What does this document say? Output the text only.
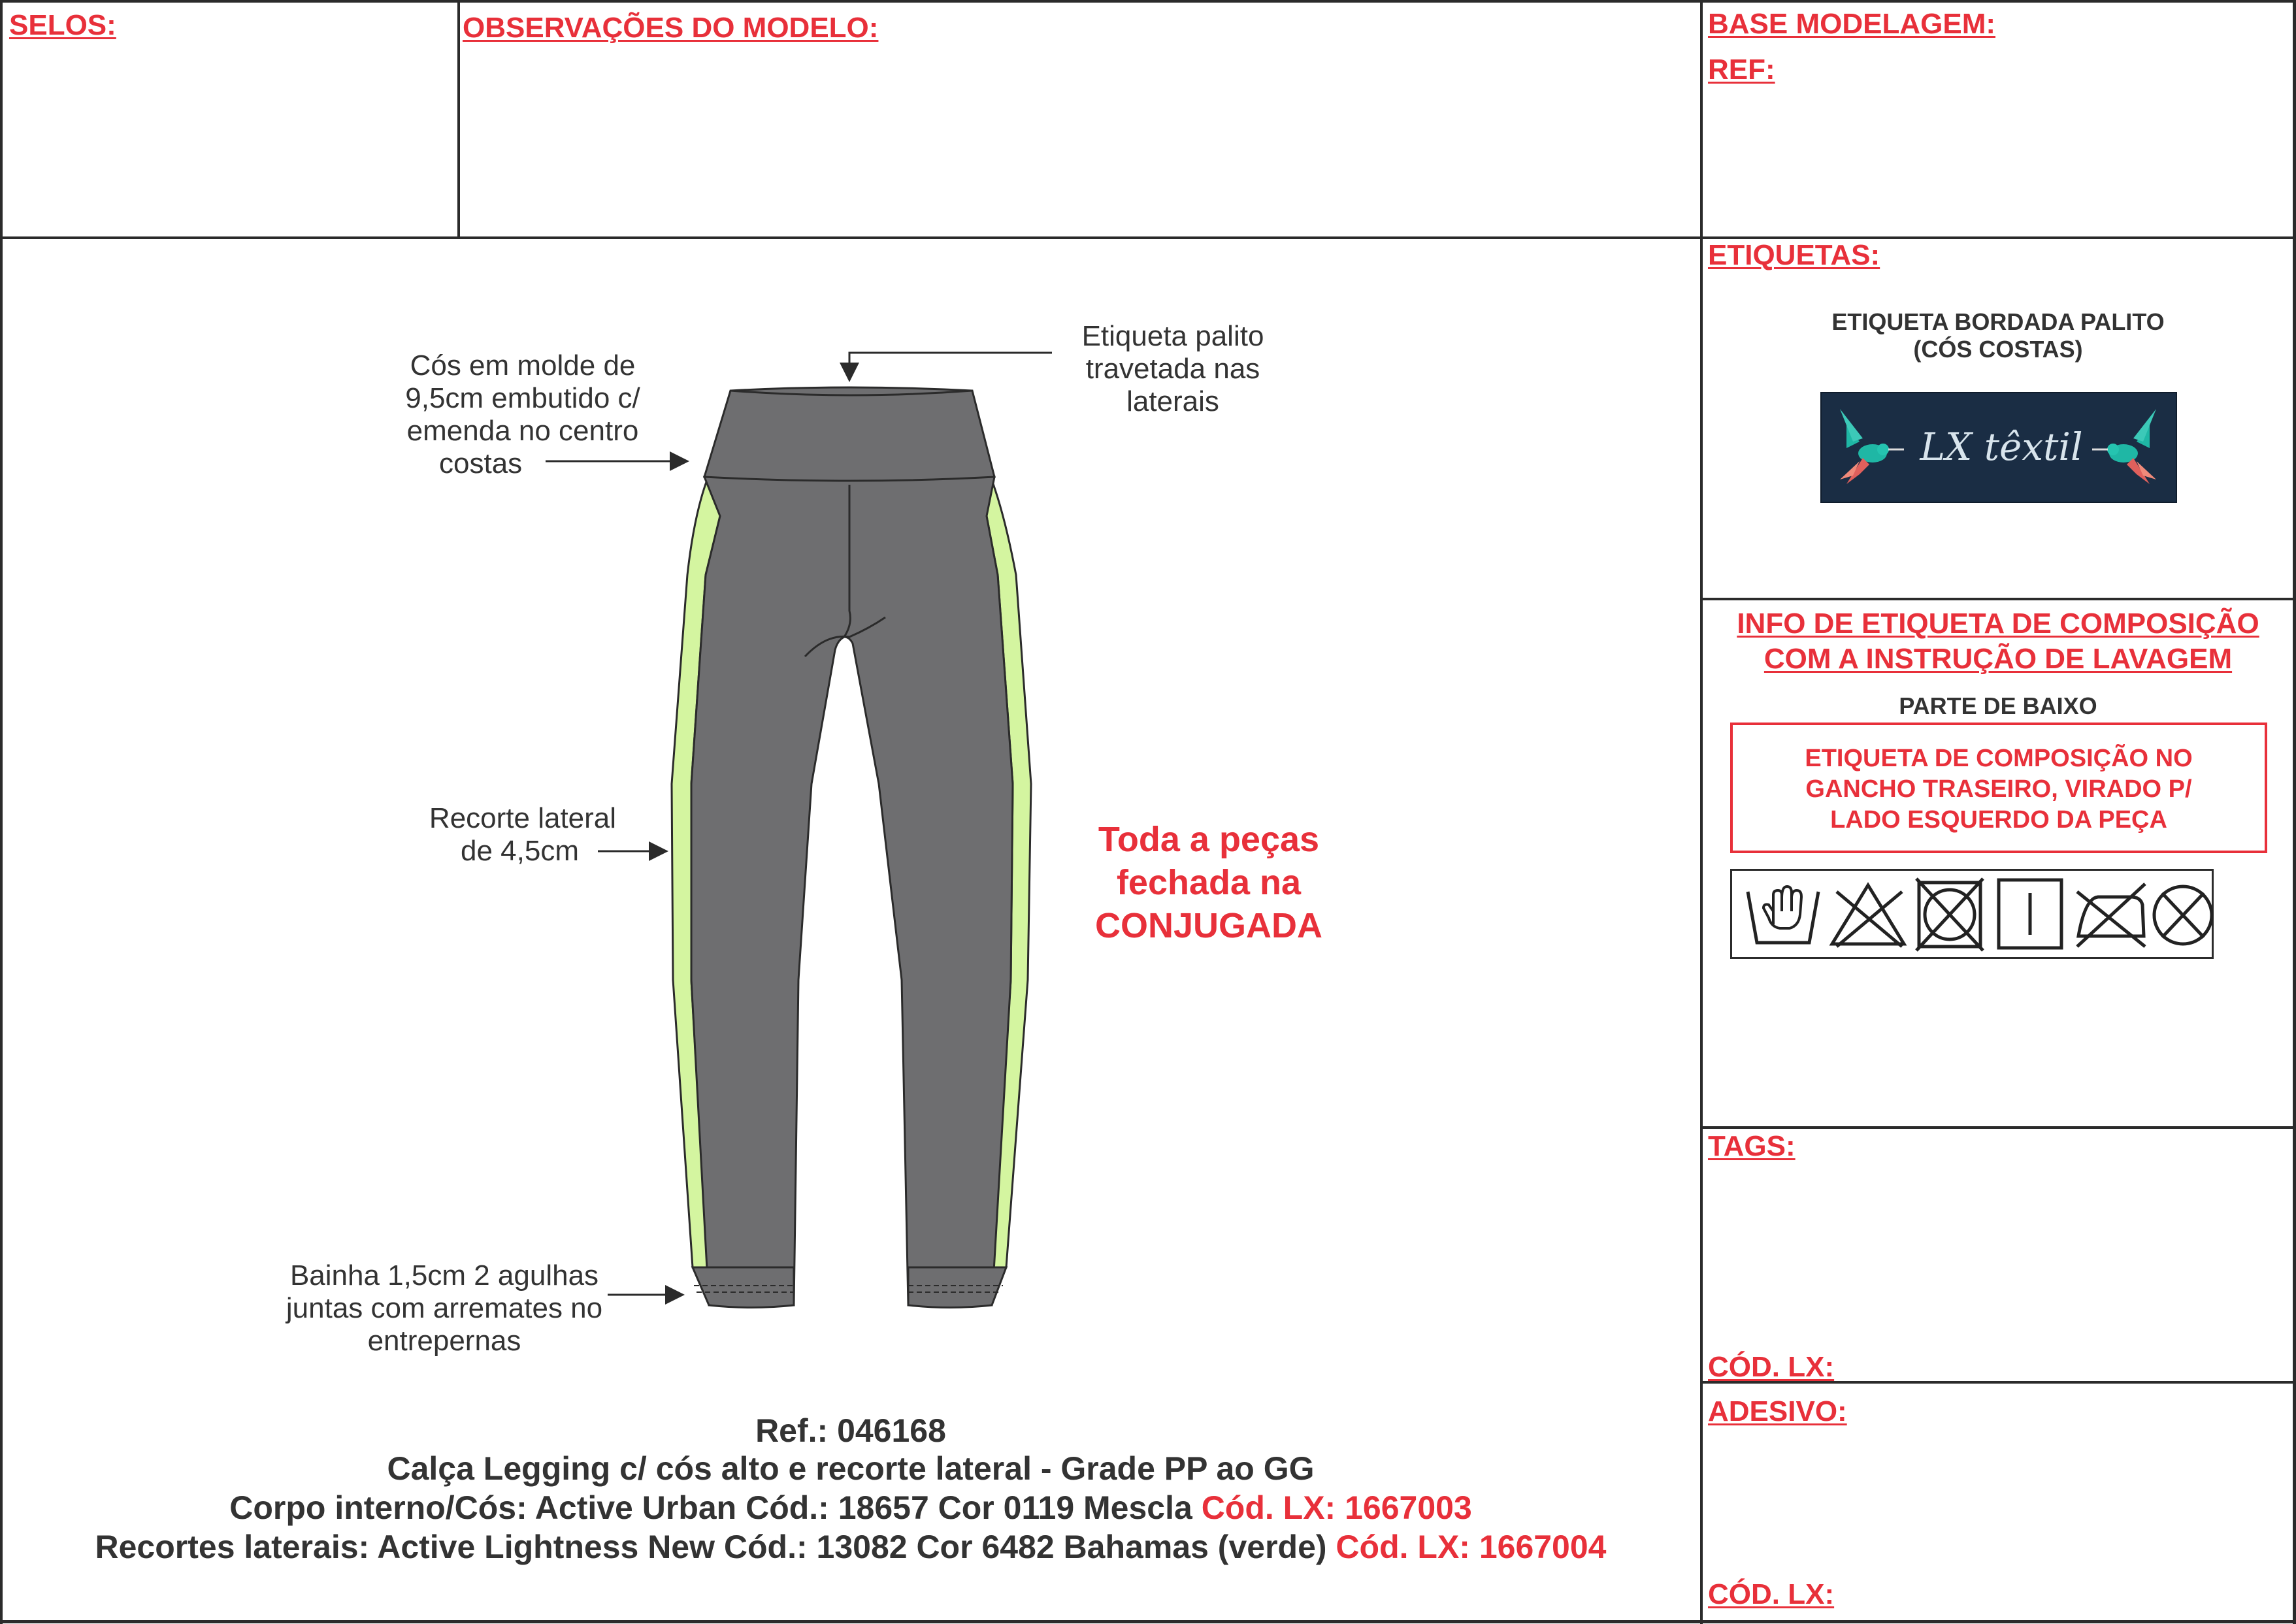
SELOS:	OBSERVAÇÕES DO MODELO:	BASE MODELAGEM:
REF:
Cós em molde de
9,5cm embutido c/
emenda no centro
costas
Etiqueta palito
travetada nas
laterais
Recorte lateral
de 4,5cm
Bainha 1,5cm 2 agulhas
juntas com arremates no
entrepernas
Toda a peças
fechada na
CONJUGADA
Ref.: 046168
Calça Legging c/ cós alto e recorte lateral - Grade PP ao GG
Corpo interno/Cós: Active Urban Cód.: 18657 Cor 0119 Mescla Cód. LX: 1667003
Recortes laterais: Active Lightness New Cód.: 13082 Cor 6482 Bahamas (verde) Cód. LX: 1667004
ETIQUETAS:
ETIQUETA BORDADA PALITO
(CÓS COSTAS)
LX têxtil
INFO DE ETIQUETA DE COMPOSIÇÃO
COM A INSTRUÇÃO DE LAVAGEM
PARTE DE BAIXO
ETIQUETA DE COMPOSIÇÃO NO
GANCHO TRASEIRO, VIRADO P/
LADO ESQUERDO DA PEÇA
TAGS:
CÓD. LX:
ADESIVO:
CÓD. LX:
